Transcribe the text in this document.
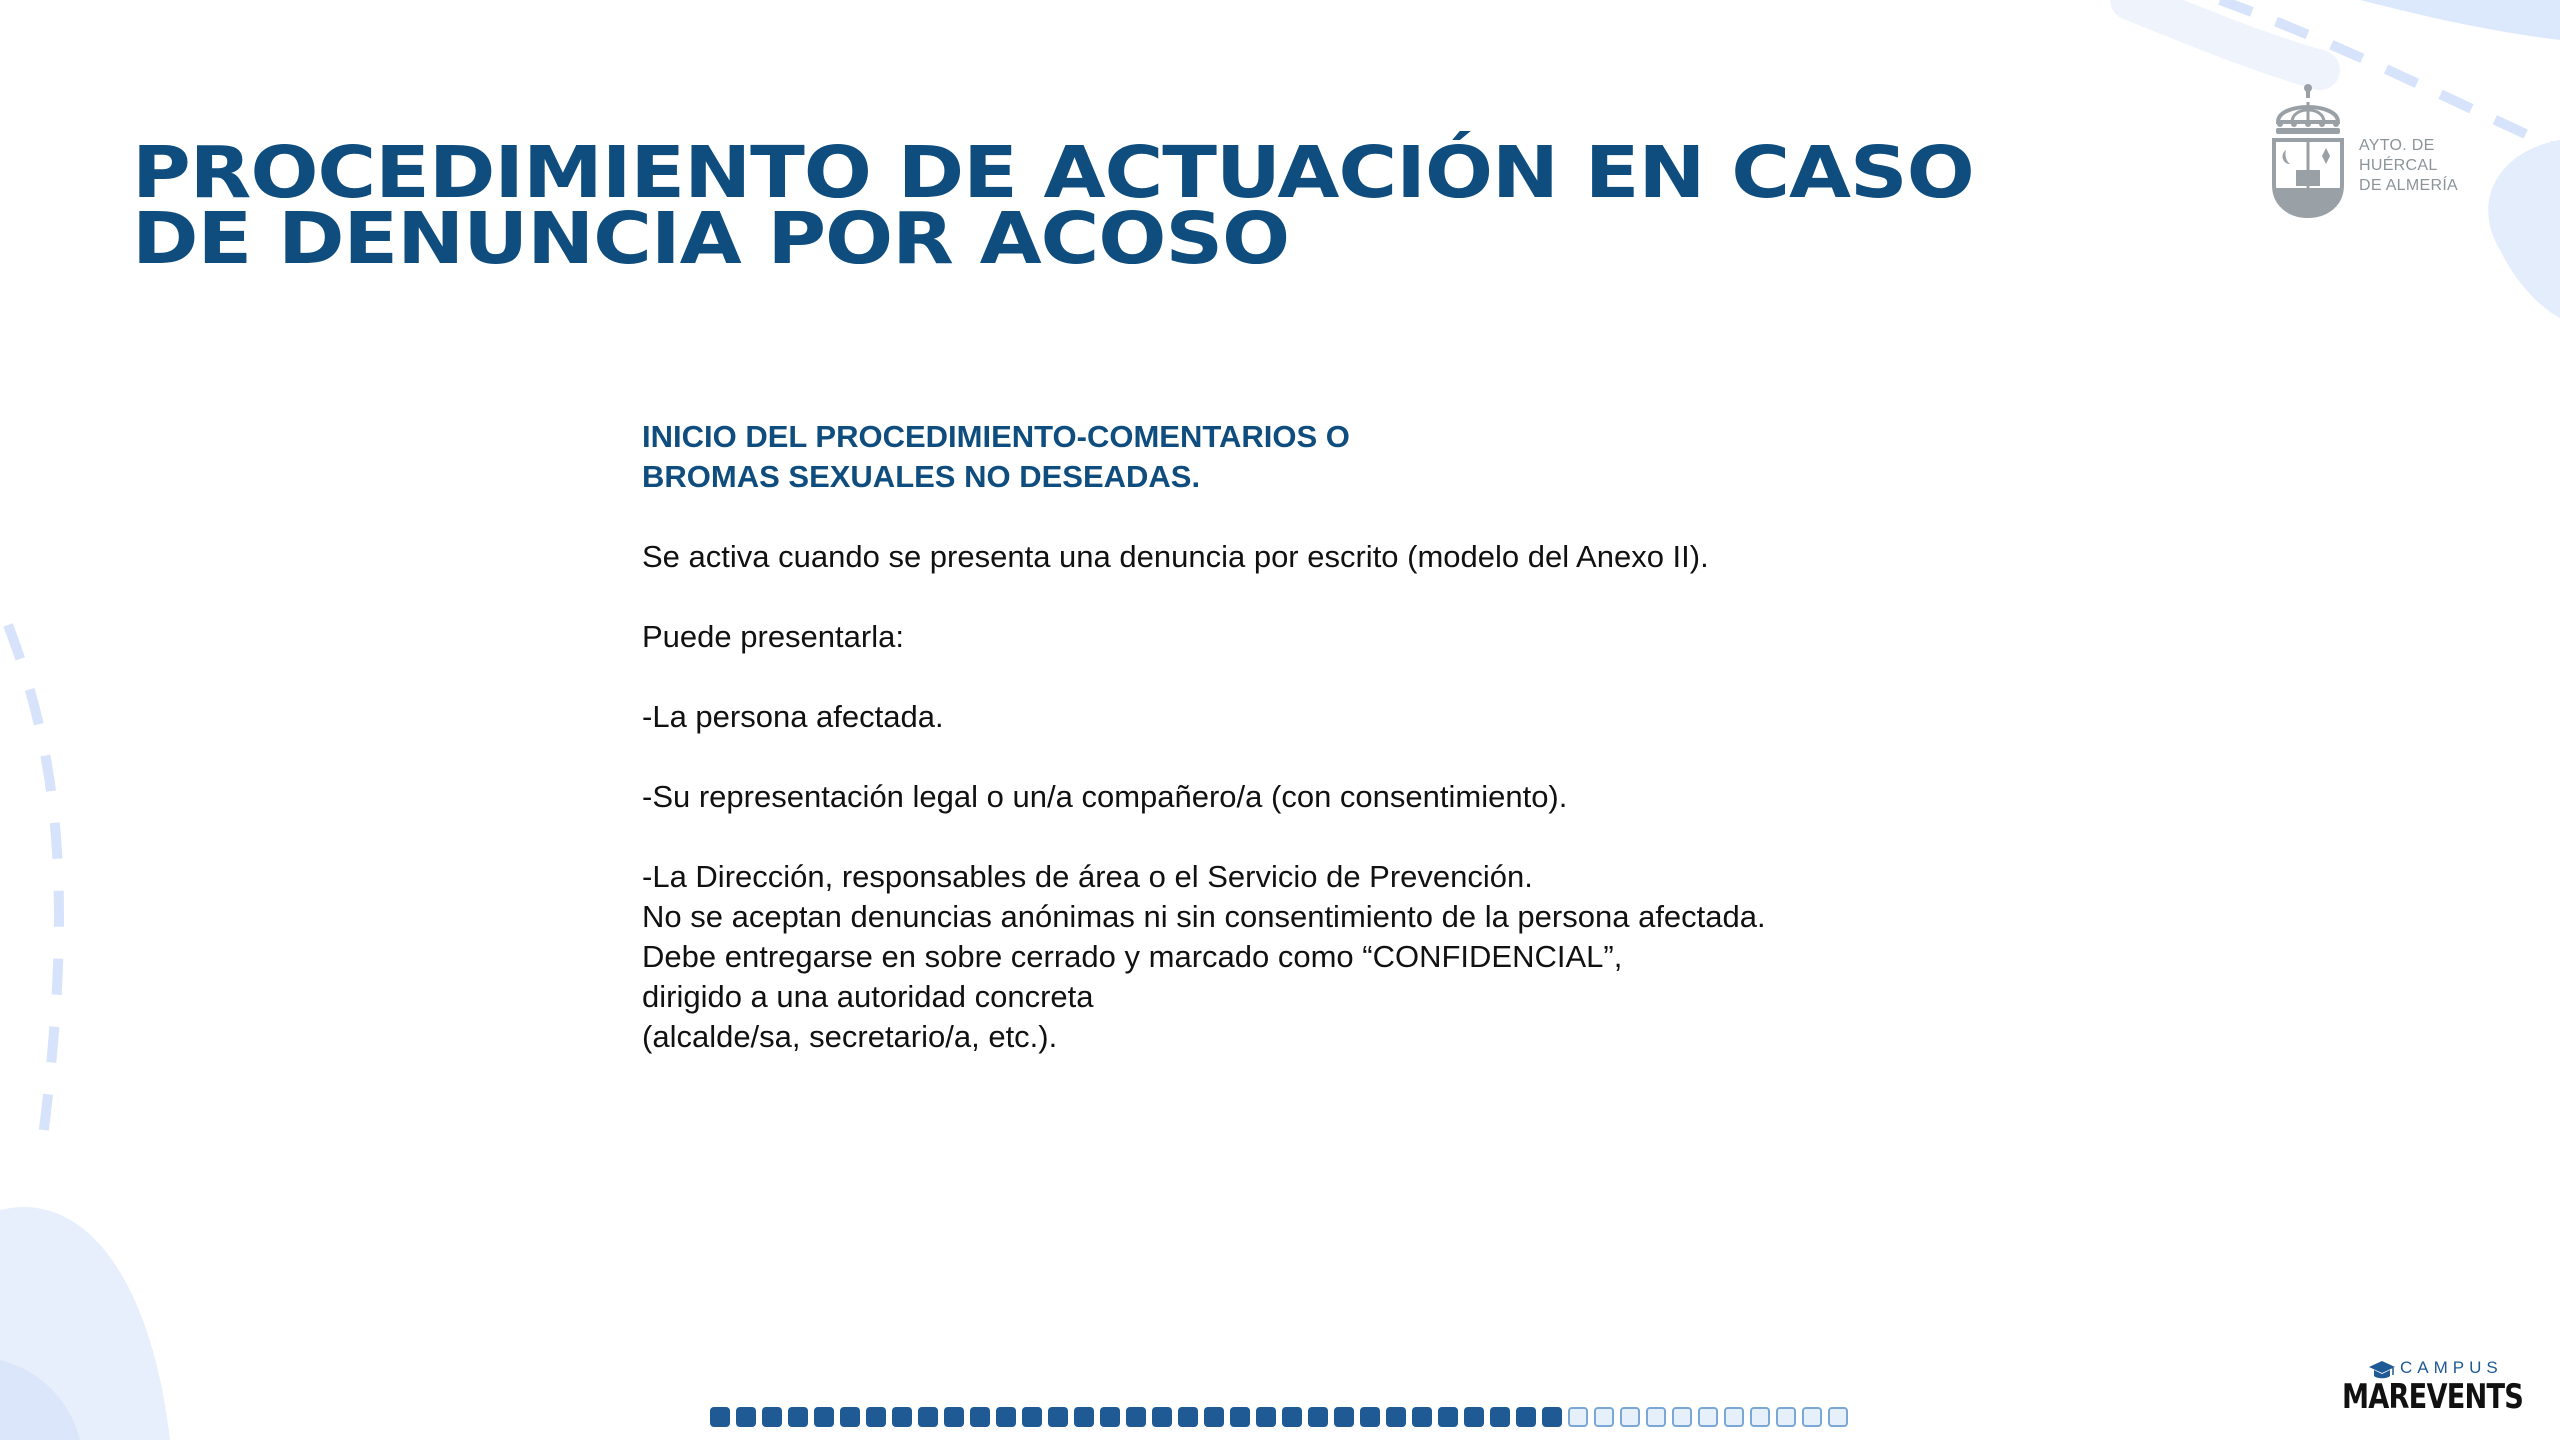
PROCEDIMIENTO DE ACTUACIÓN EN CASO
DE DENUNCIA POR ACOSO
AYTO. DE
HUÉRCAL
DE ALMERÍA

INICIO DEL PROCEDIMIENTO-COMENTARIOS O
BROMAS SEXUALES NO DESEADAS.

Se activa cuando se presenta una denuncia por escrito (modelo del Anexo II).

Puede presentarla:

-La persona afectada.

-Su representación legal o un/a compañero/a (con consentimiento).

-La Dirección, responsables de área o el Servicio de Prevención.

No se aceptan denuncias anónimas ni sin consentimiento de la persona afectada.

Debe entregarse en sobre cerrado y marcado como “CONFIDENCIAL”,

dirigido a una autoridad concreta

(alcalde/sa, secretario/a, etc.).

CAMPUS
MAREVENTS
